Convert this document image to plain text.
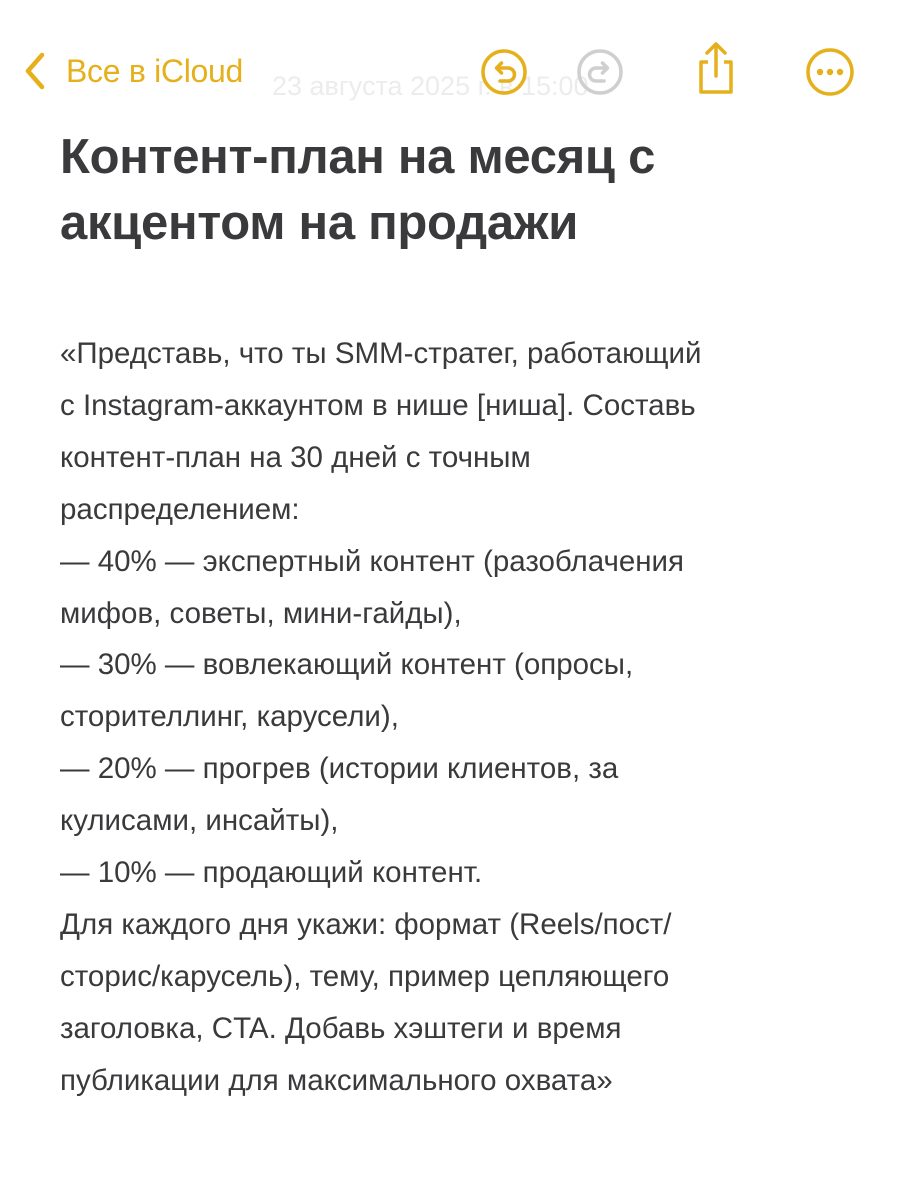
23 августа 2025 г. в 15:00
Все в iCloud
Контент-план на месяц с акцентом на продажи
«Представь, что ты SMM-стратег, работающий
с Instagram-аккаунтом в нише [ниша]. Составь
контент-план на 30 дней с точным
распределением:
— 40% — экспертный контент (разоблачения
мифов, советы, мини-гайды),
— 30% — вовлекающий контент (опросы,
сторителлинг, карусели),
— 20% — прогрев (истории клиентов, за
кулисами, инсайты),
— 10% — продающий контент.
Для каждого дня укажи: формат (Reels/пост/
сторис/карусель), тему, пример цепляющего
заголовка, CTA. Добавь хэштеги и время
публикации для максимального охвата»
